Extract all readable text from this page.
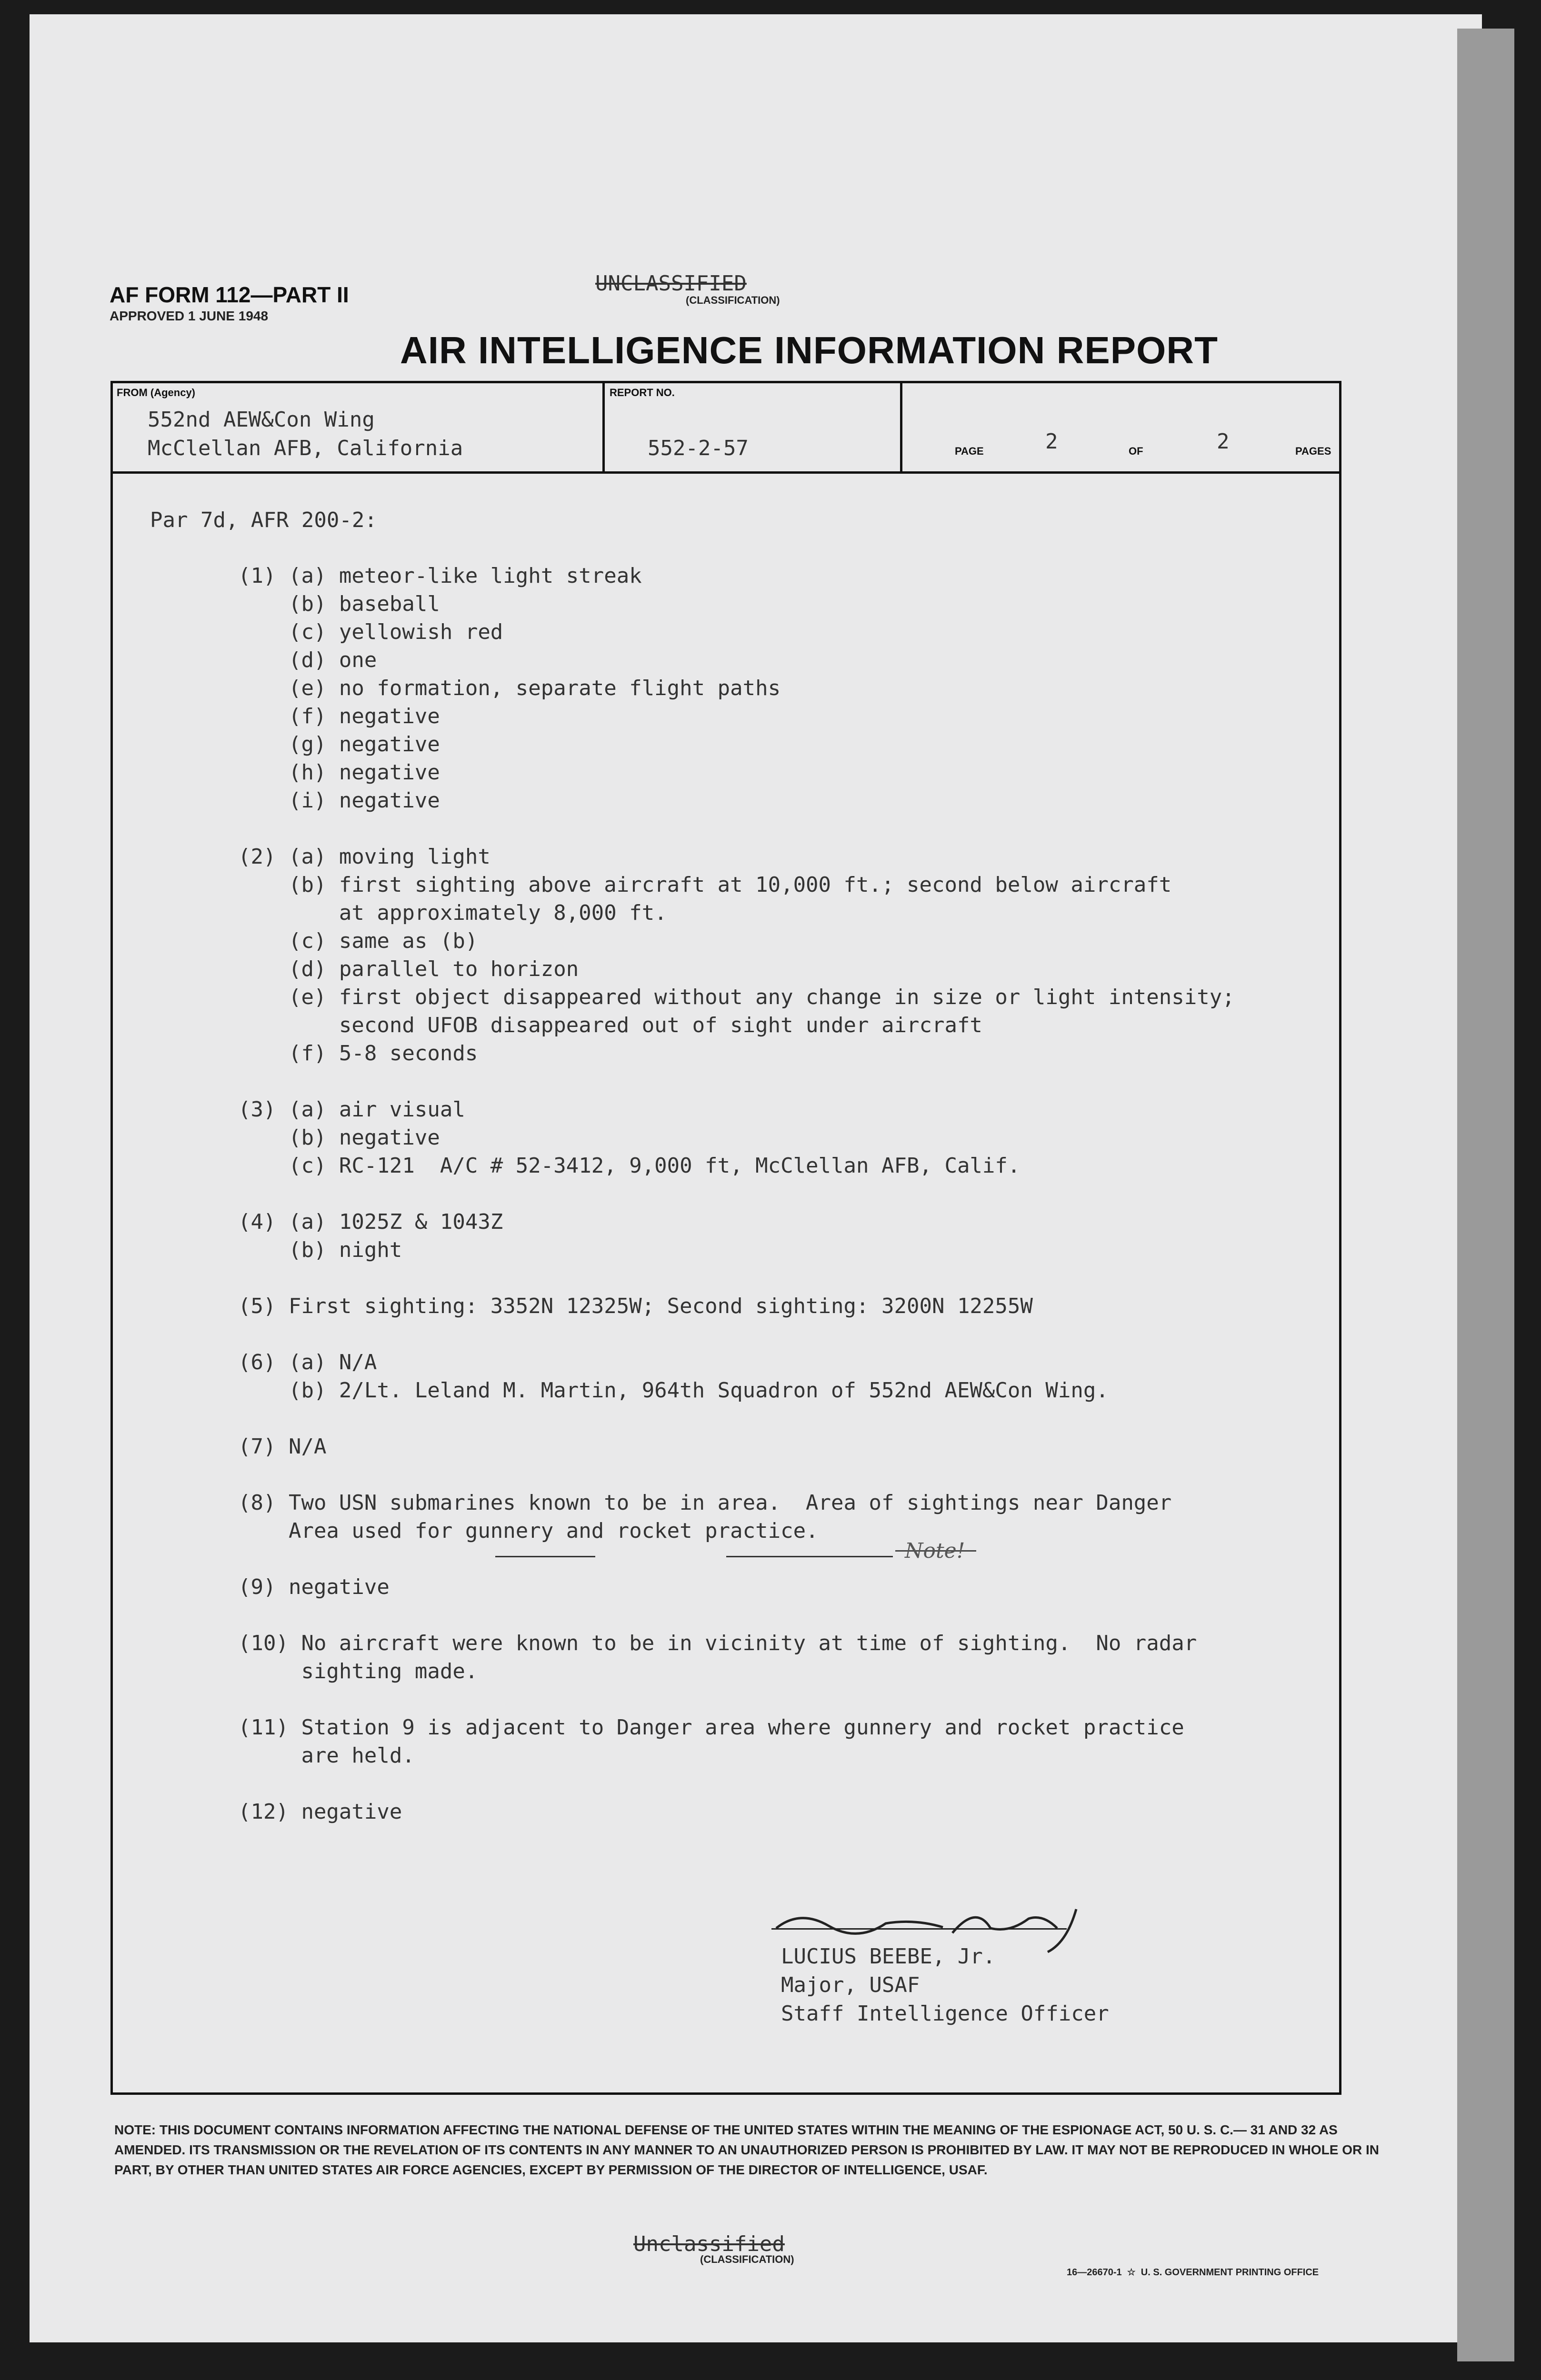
AF FORM 112—PART II
APPROVED 1 JUNE 1948
UNCLASSIFIED
(CLASSIFICATION)
AIR INTELLIGENCE INFORMATION REPORT
FROM (Agency)
552nd AEW&Con Wing
McClellan AFB, California
REPORT NO.
552-2-57	PAGE	2	OF	2	PAGES
Par 7d, AFR 200-2:
(1) (a) meteor-like light streak
(b) baseball
(c) yellowish red
(d) one
(e) no formation, separate flight paths
(f) negative
(g) negative
(h) negative
(i) negative
(2) (a) moving light
(b) first sighting above aircraft at 10,000 ft.; second below aircraft
at approximately 8,000 ft.
(c) same as (b)
(d) parallel to horizon
(e) first object disappeared without any change in size or light intensity;
second UFOB disappeared out of sight under aircraft
(f) 5-8 seconds
(3) (a) air visual
(b) negative
(c) RC-121  A/C # 52-3412, 9,000 ft, McClellan AFB, Calif.
(4) (a) 1025Z & 1043Z
(b) night
(5) First sighting: 3352N 12325W; Second sighting: 3200N 12255W
(6) (a) N/A
(b) 2/Lt. Leland M. Martin, 964th Squadron of 552nd AEW&Con Wing.
(7) N/A
(8) Two USN submarines known to be in area.  Area of sightings near Danger
Area used for gunnery and rocket practice.
(9) negative
(10) No aircraft were known to be in vicinity at time of sighting.  No radar
sighting made.
(11) Station 9 is adjacent to Danger area where gunnery and rocket practice
are held.
(12) negative
Note!
LUCIUS BEEBE, Jr.
Major, USAF
Staff Intelligence Officer
NOTE: THIS DOCUMENT CONTAINS INFORMATION AFFECTING THE NATIONAL DEFENSE OF THE UNITED STATES WITHIN THE MEANING OF THE ESPIONAGE ACT, 50 U. S. C.— 31 AND 32 AS AMENDED. ITS TRANSMISSION OR THE REVELATION OF ITS CONTENTS IN ANY MANNER TO AN UNAUTHORIZED PERSON IS PROHIBITED BY LAW. IT MAY NOT BE REPRODUCED IN WHOLE OR IN PART, BY OTHER THAN UNITED STATES AIR FORCE AGENCIES, EXCEPT BY PERMISSION OF THE DIRECTOR OF INTELLIGENCE, USAF.
Unclassified
(CLASSIFICATION)
16—26670-1  ☆  U. S. GOVERNMENT PRINTING OFFICE
